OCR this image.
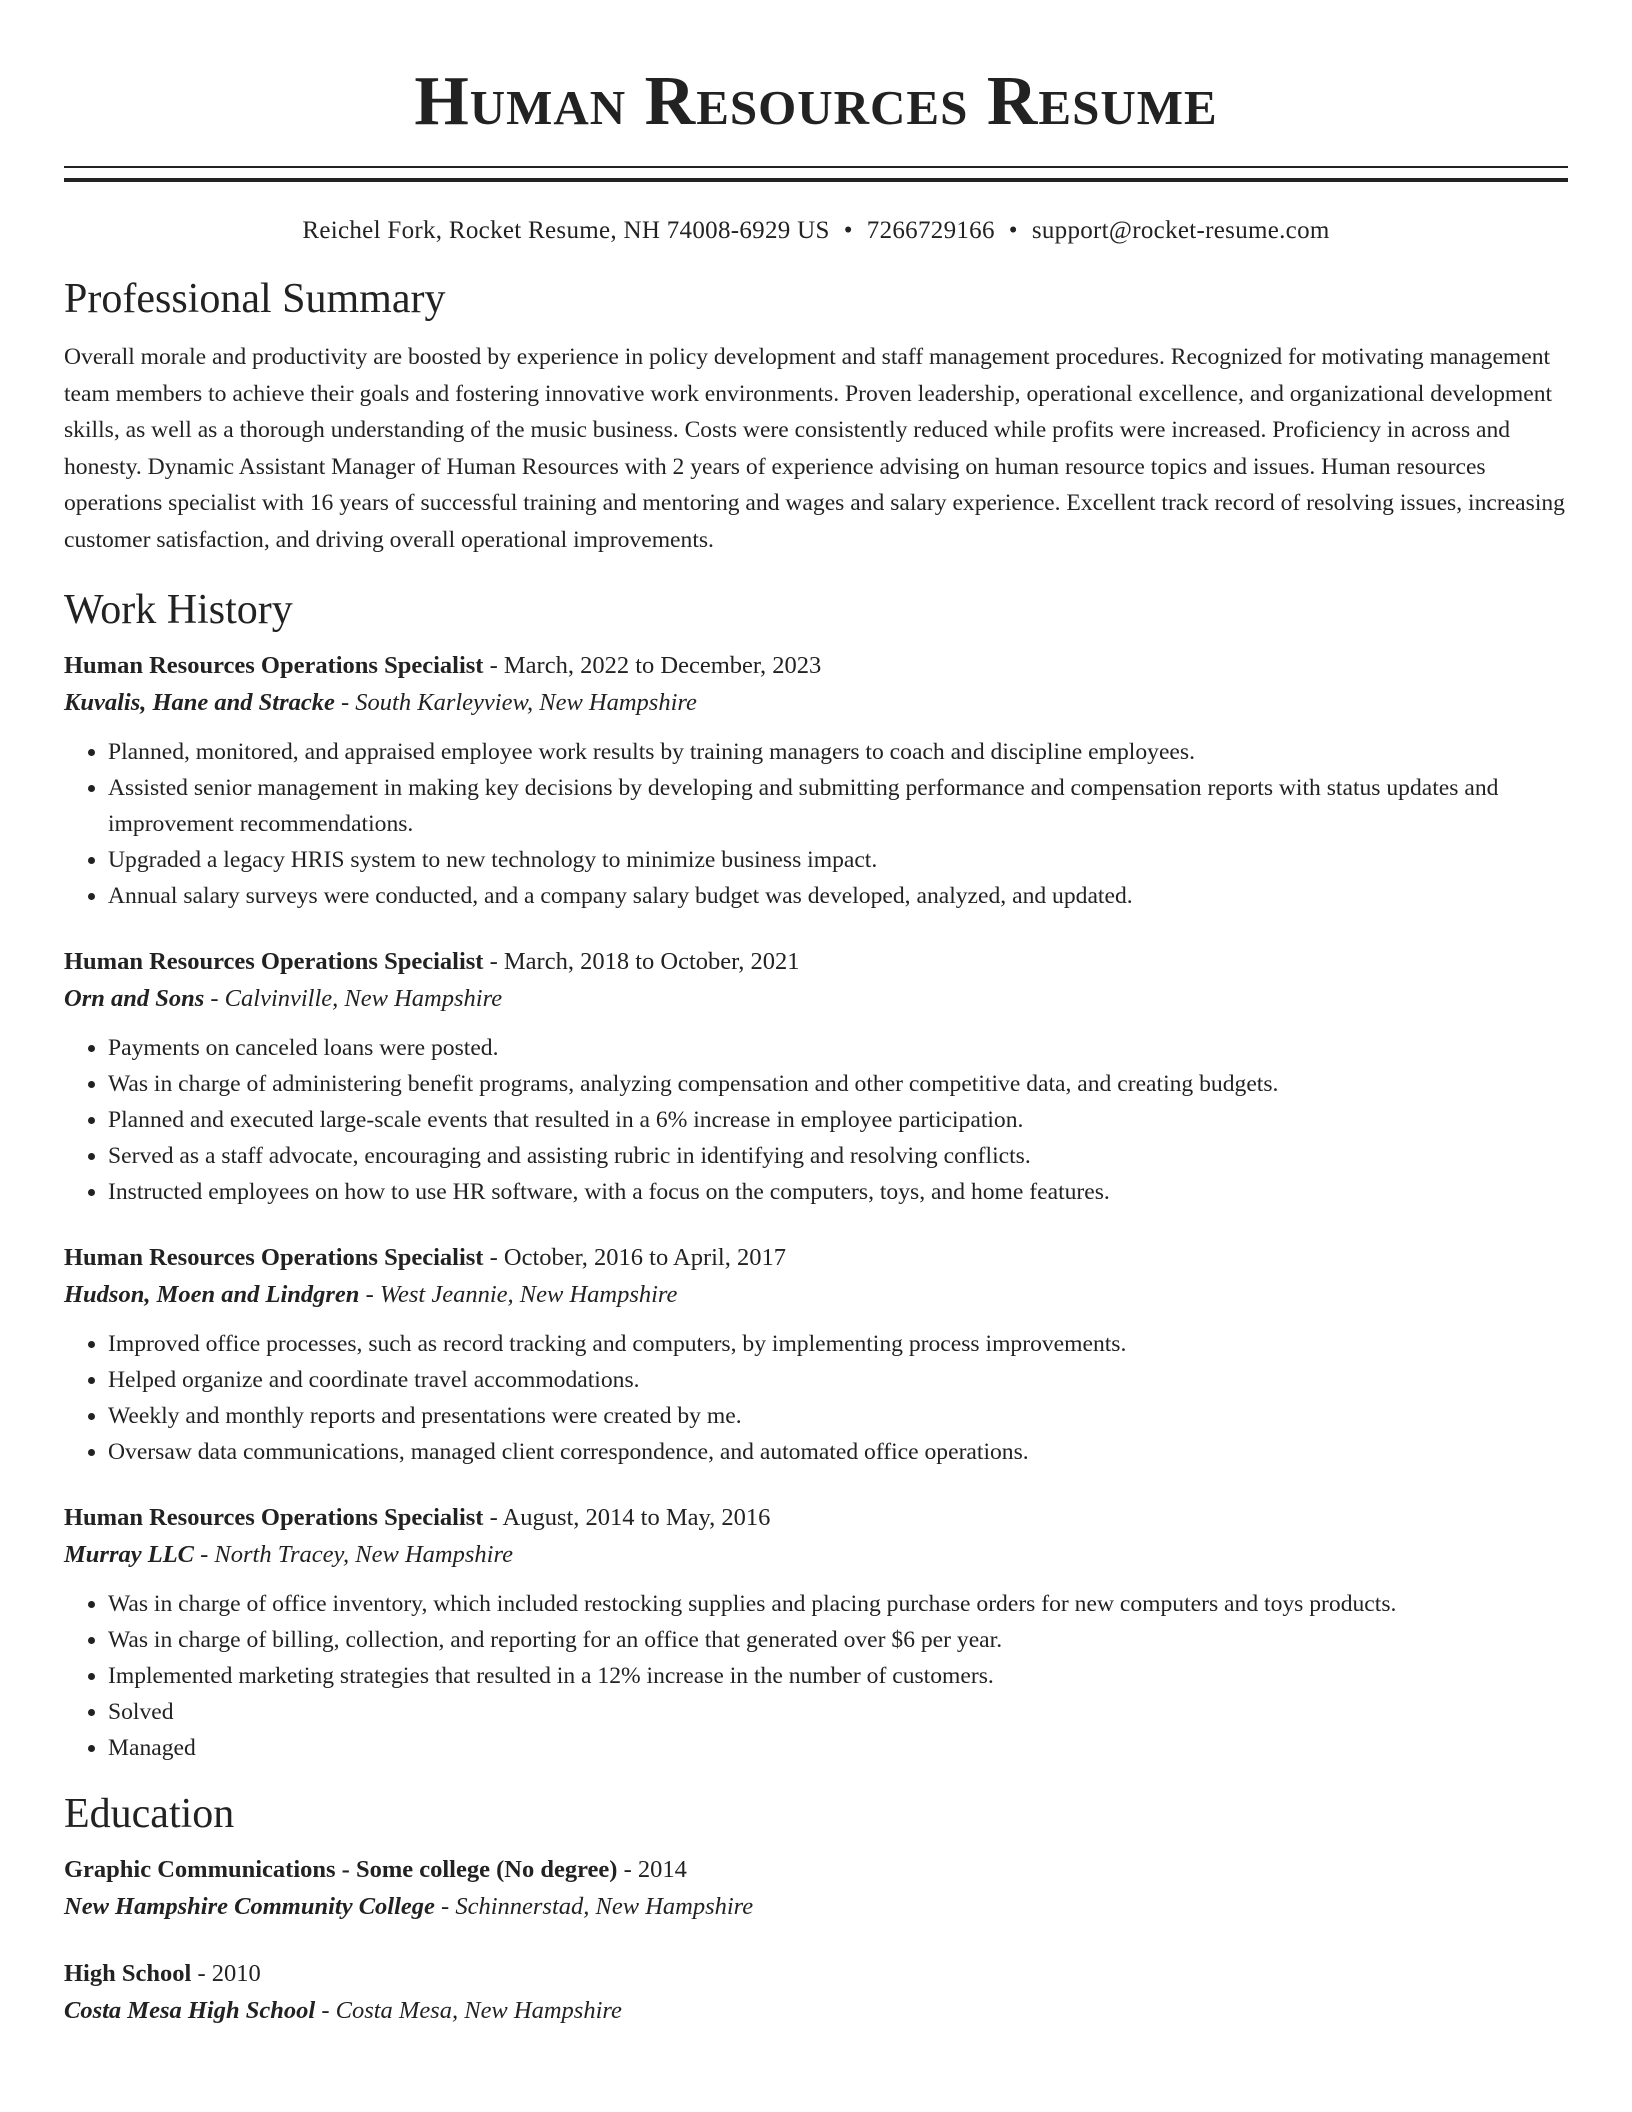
Human Resources Resume
Reichel Fork, Rocket Resume, NH 74008-6929 US • 7266729166 • support@rocket-resume.com
Professional Summary
Overall morale and productivity are boosted by experience in policy development and staff management procedures. Recognized for motivating management team members to achieve their goals and fostering innovative work environments. Proven leadership, operational excellence, and organizational development skills, as well as a thorough understanding of the music business. Costs were consistently reduced while profits were increased. Proficiency in across and honesty. Dynamic Assistant Manager of Human Resources with 2 years of experience advising on human resource topics and issues. Human resources operations specialist with 16 years of successful training and mentoring and wages and salary experience. Excellent track record of resolving issues, increasing customer satisfaction, and driving overall operational improvements.
Work History
Human Resources Operations Specialist - March, 2022 to December, 2023
Kuvalis, Hane and Stracke - South Karleyview, New Hampshire
• Planned, monitored, and appraised employee work results by training managers to coach and discipline employees.
• Assisted senior management in making key decisions by developing and submitting performance and compensation reports with status updates and improvement recommendations.
• Upgraded a legacy HRIS system to new technology to minimize business impact.
• Annual salary surveys were conducted, and a company salary budget was developed, analyzed, and updated.
Human Resources Operations Specialist - March, 2018 to October, 2021
Orn and Sons - Calvinville, New Hampshire
• Payments on canceled loans were posted.
• Was in charge of administering benefit programs, analyzing compensation and other competitive data, and creating budgets.
• Planned and executed large-scale events that resulted in a 6% increase in employee participation.
• Served as a staff advocate, encouraging and assisting rubric in identifying and resolving conflicts.
• Instructed employees on how to use HR software, with a focus on the computers, toys, and home features.
Human Resources Operations Specialist - October, 2016 to April, 2017
Hudson, Moen and Lindgren - West Jeannie, New Hampshire
• Improved office processes, such as record tracking and computers, by implementing process improvements.
• Helped organize and coordinate travel accommodations.
• Weekly and monthly reports and presentations were created by me.
• Oversaw data communications, managed client correspondence, and automated office operations.
Human Resources Operations Specialist - August, 2014 to May, 2016
Murray LLC - North Tracey, New Hampshire
• Was in charge of office inventory, which included restocking supplies and placing purchase orders for new computers and toys products.
• Was in charge of billing, collection, and reporting for an office that generated over $6 per year.
• Implemented marketing strategies that resulted in a 12% increase in the number of customers.
• Solved
• Managed
Education
Graphic Communications - Some college (No degree) - 2014
New Hampshire Community College - Schinnerstad, New Hampshire
High School - 2010
Costa Mesa High School - Costa Mesa, New Hampshire
